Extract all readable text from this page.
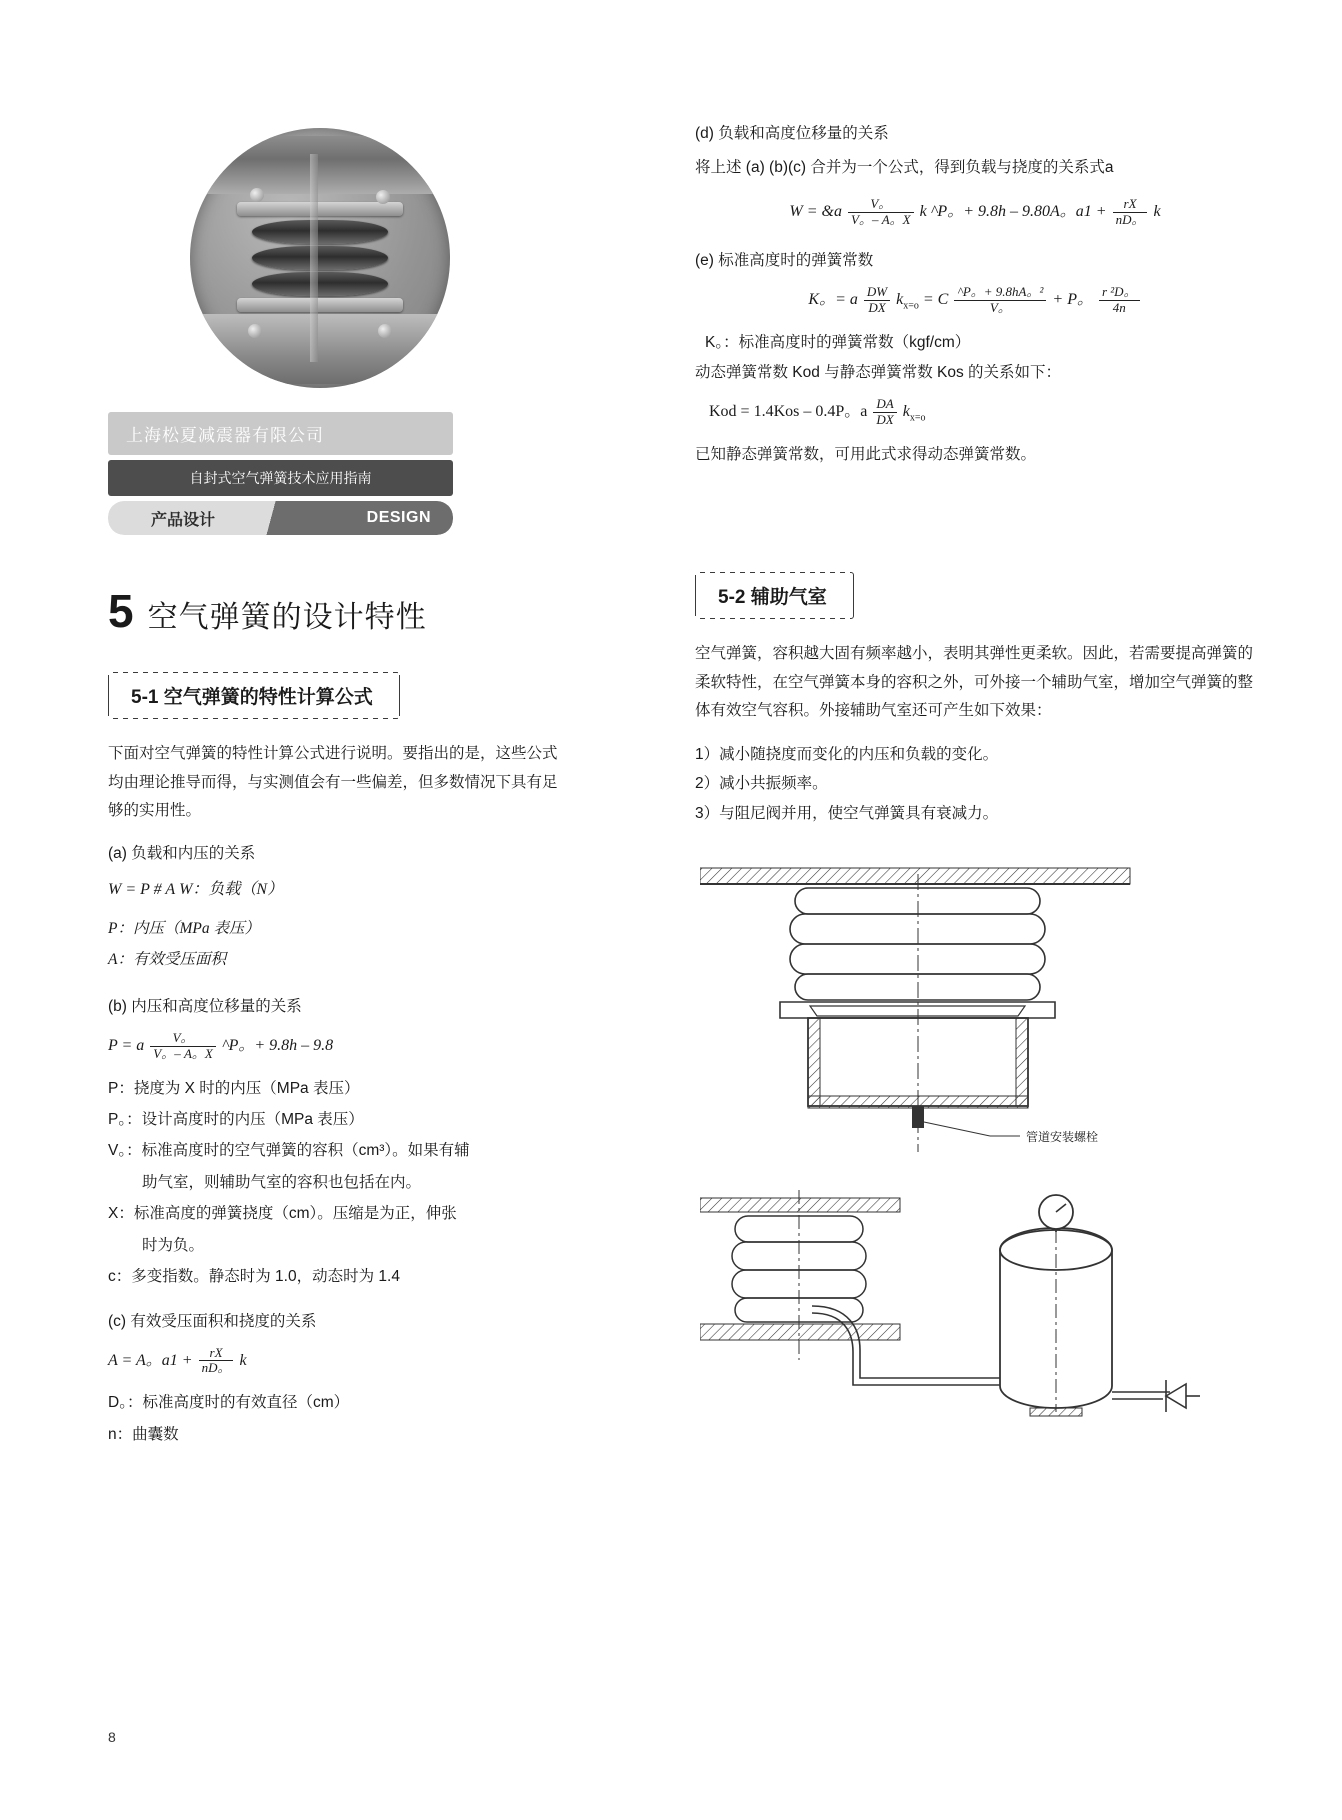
上海松夏减震器有限公司
自封式空气弹簧技术应用指南
产品设计	DESIGN
5 空气弹簧的设计特性
5-1 空气弹簧的特性计算公式

下面对空气弹簧的特性计算公式进行说明。要指出的是，这些公式均由理论推导而得，与实测值会有一些偏差，但多数情况下具有足够的实用性。

(a) 负载和内压的关系
W = P # A W：负载（N）
P：内压（MPa 表压）
A：有效受压面积
(b) 内压和高度位移量的关系
P = a $\frac{V。}{V。- A。X}$ ^P。+ 9.8h – 9.8
P：挠度为 X 时的内压（MPa 表压）
P。：设计高度时的内压（MPa 表压）
V。：标准高度时的空气弹簧的容积（cm³）。如果有辅
助气室，则辅助气室的容积也包括在内。
X：标准高度的弹簧挠度（cm）。压缩是为正，伸张
时为负。
c：多变指数。静态时为 1.0，动态时为 1.4
(c) 有效受压面积和挠度的关系
A = A。$a1 + \frac{rX}{nD。}$ k
D。：标准高度时的有效直径（cm）
n：曲囊数
(d) 负载和高度位移量的关系

将上述 (a) (b)(c) 合并为一个公式，得到负载与挠度的关系式a

W = &a $\frac{V。}{V。- A。X}$ k ^P。+ 9.8h – 9.80A。$a1 + \frac{rX}{nD。}$ k
(e) 标准高度时的弹簧常数
K。= a $\frac{DW}{DX} k_{x=o} = C \frac{\text{\textasciicircum{}P。+ 9.8hA。²}}{V。} + P$。 $\frac{\text{r ²D。}}{4n}$
K。：标准高度时的弹簧常数（kgf/cm）
动态弹簧常数 Kod 与静态弹簧常数 Kos 的关系如下：
Kod = 1.4Kos – 0.4P。a $\frac{DA}{DX} k_{x=o}$
已知静态弹簧常数，可用此式求得动态弹簧常数。
5-2 辅助气室

空气弹簧，容积越大固有频率越小，表明其弹性更柔软。因此，若需要提高弹簧的柔软特性，在空气弹簧本身的容积之外，可外接一个辅助气室，增加空气弹簧的整体有效空气容积。外接辅助气室还可产生如下效果：

1）减小随挠度而变化的内压和负载的变化。
2）减小共振频率。
3）与阻尼阀并用，使空气弹簧具有衰减力。
管道安装螺栓
8
